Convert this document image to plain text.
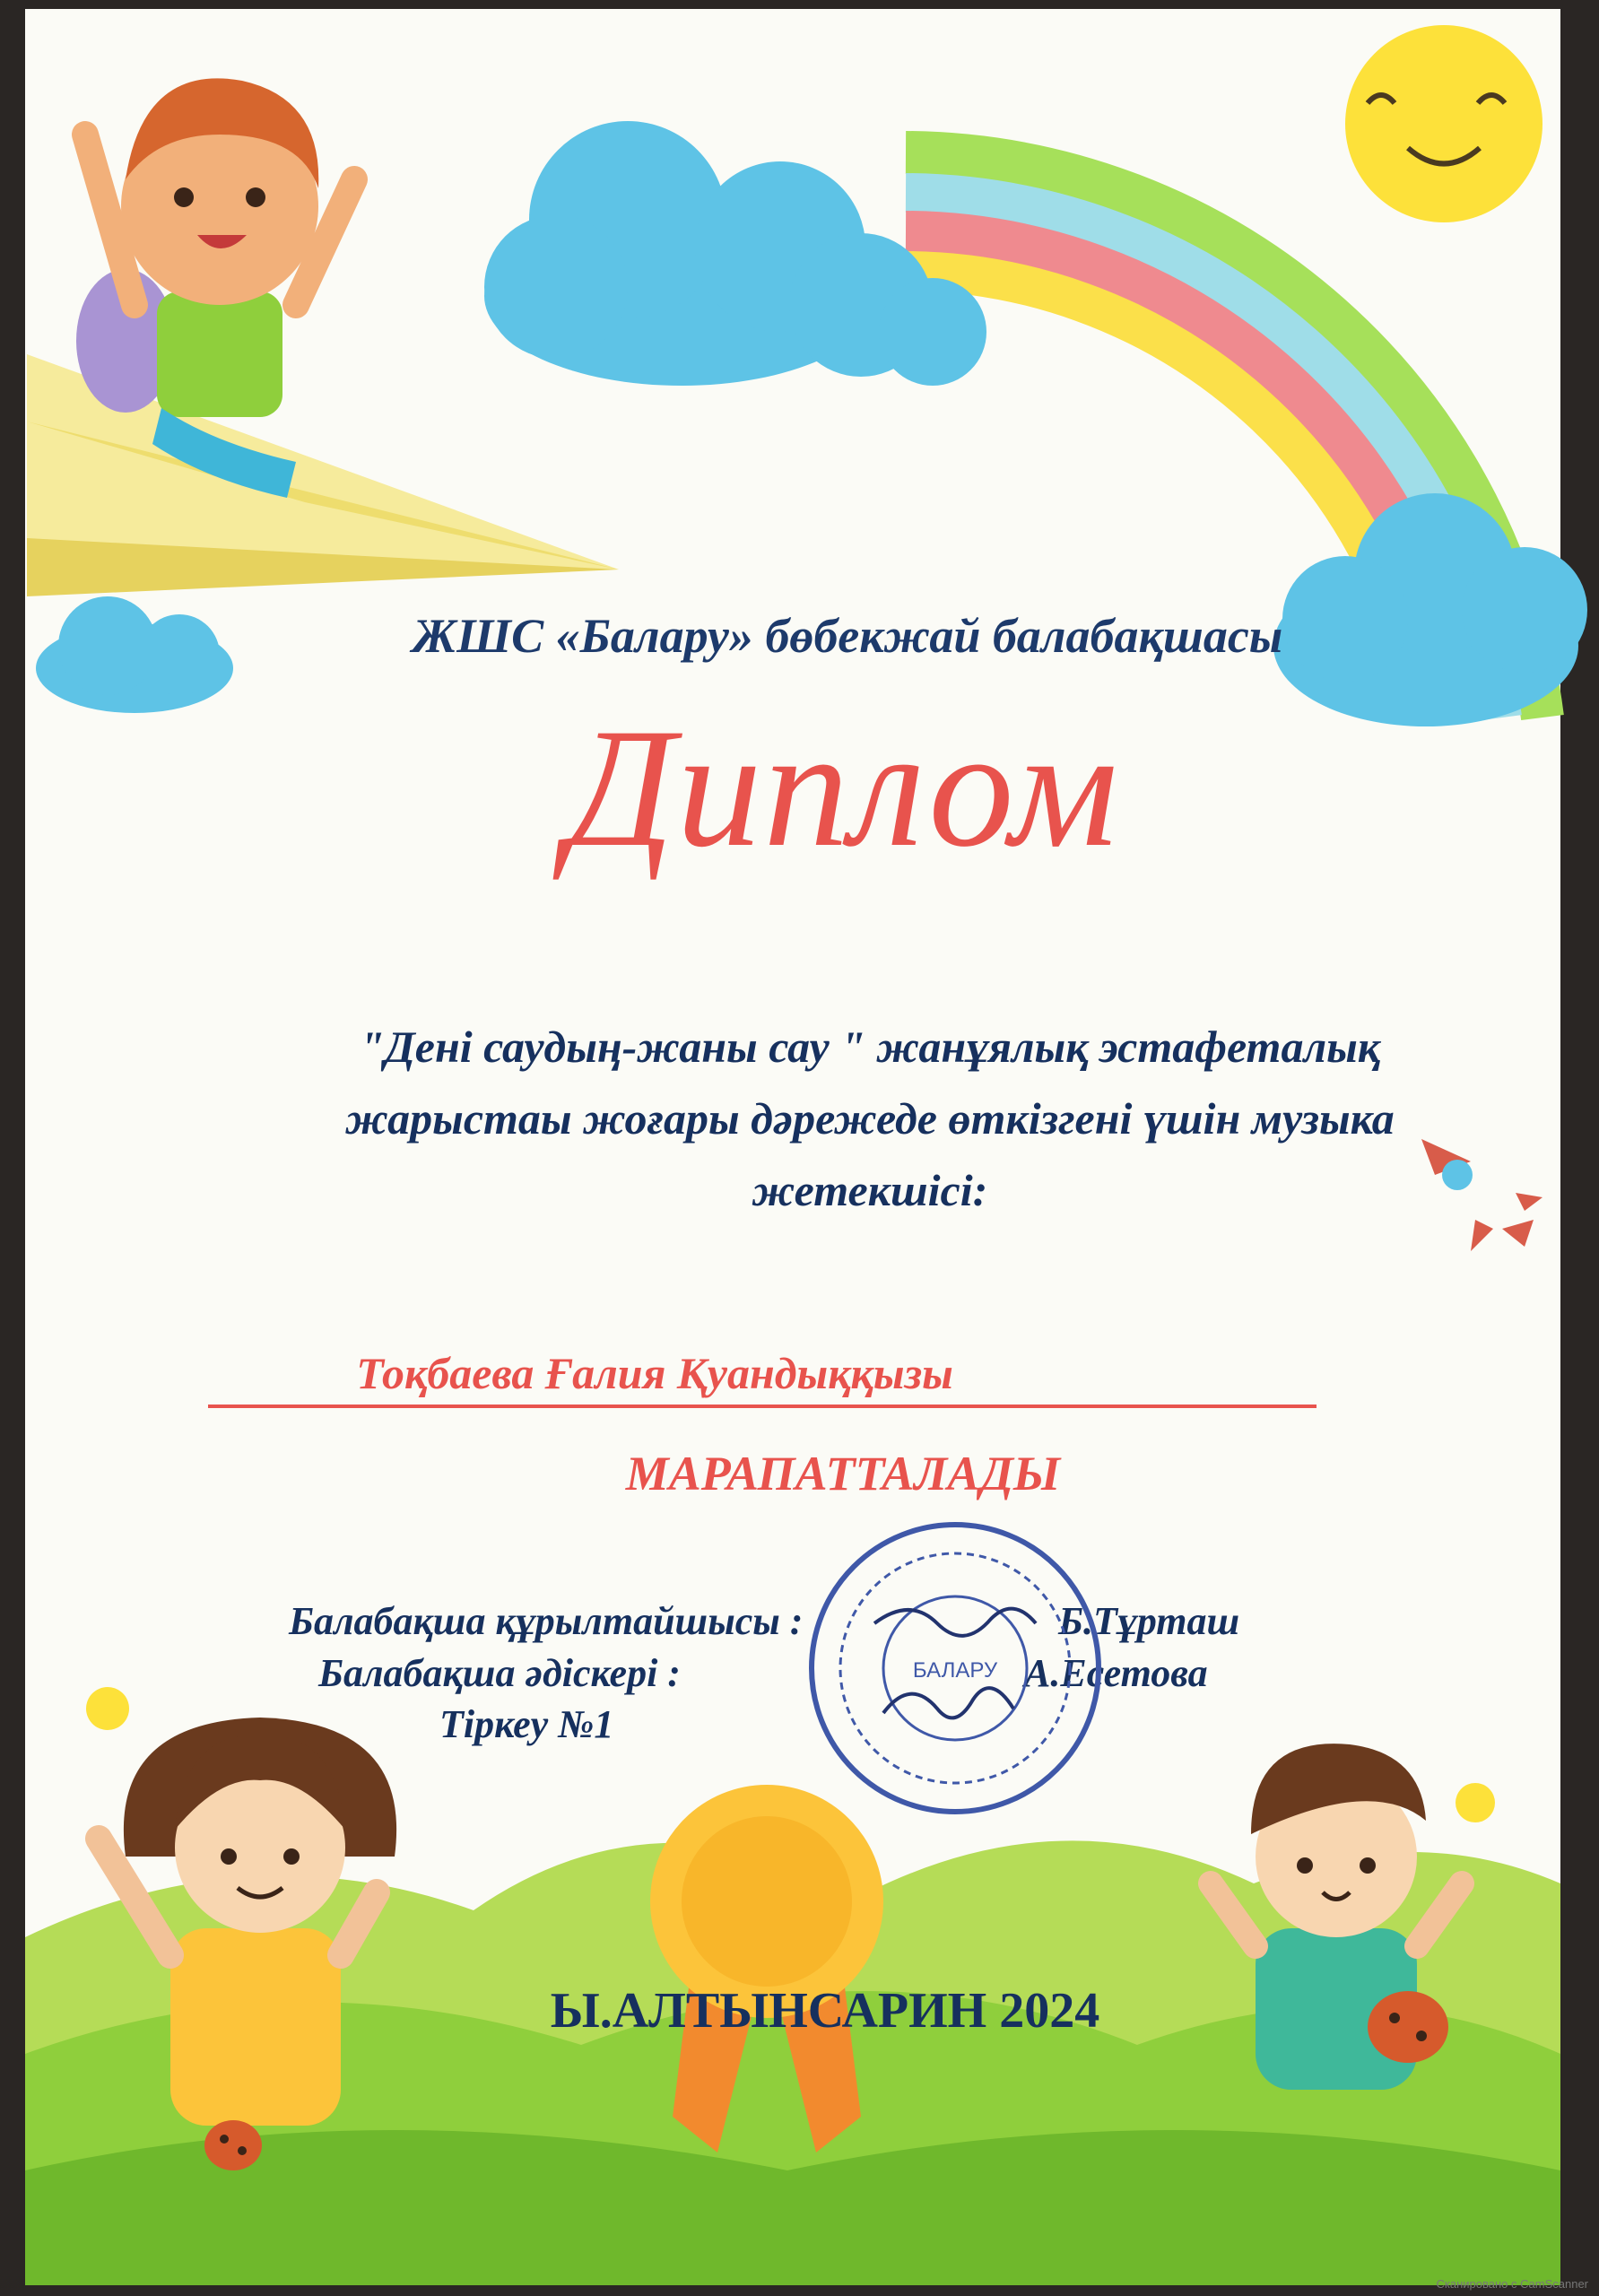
ЖШС «Балару» бөбекжай балабақшасы
Диплом
"Дені саудың-жаны сау " жанұялық эстафеталық
жарыстаы жоғары дәрежеде өткізгені үшін музыка
жетекшісі:
Тоқбаева Ғалия Қуандыққызы
МАРАПАТТАЛАДЫ
Балабақша құрылтайшысы :	Б.Тұрташ
Балабақша әдіскері :	А.Есетова
Тіркеу №1
БАЛАРУ
Ы.АЛТЫНСАРИН 2024
Сканировано с CamScanner
